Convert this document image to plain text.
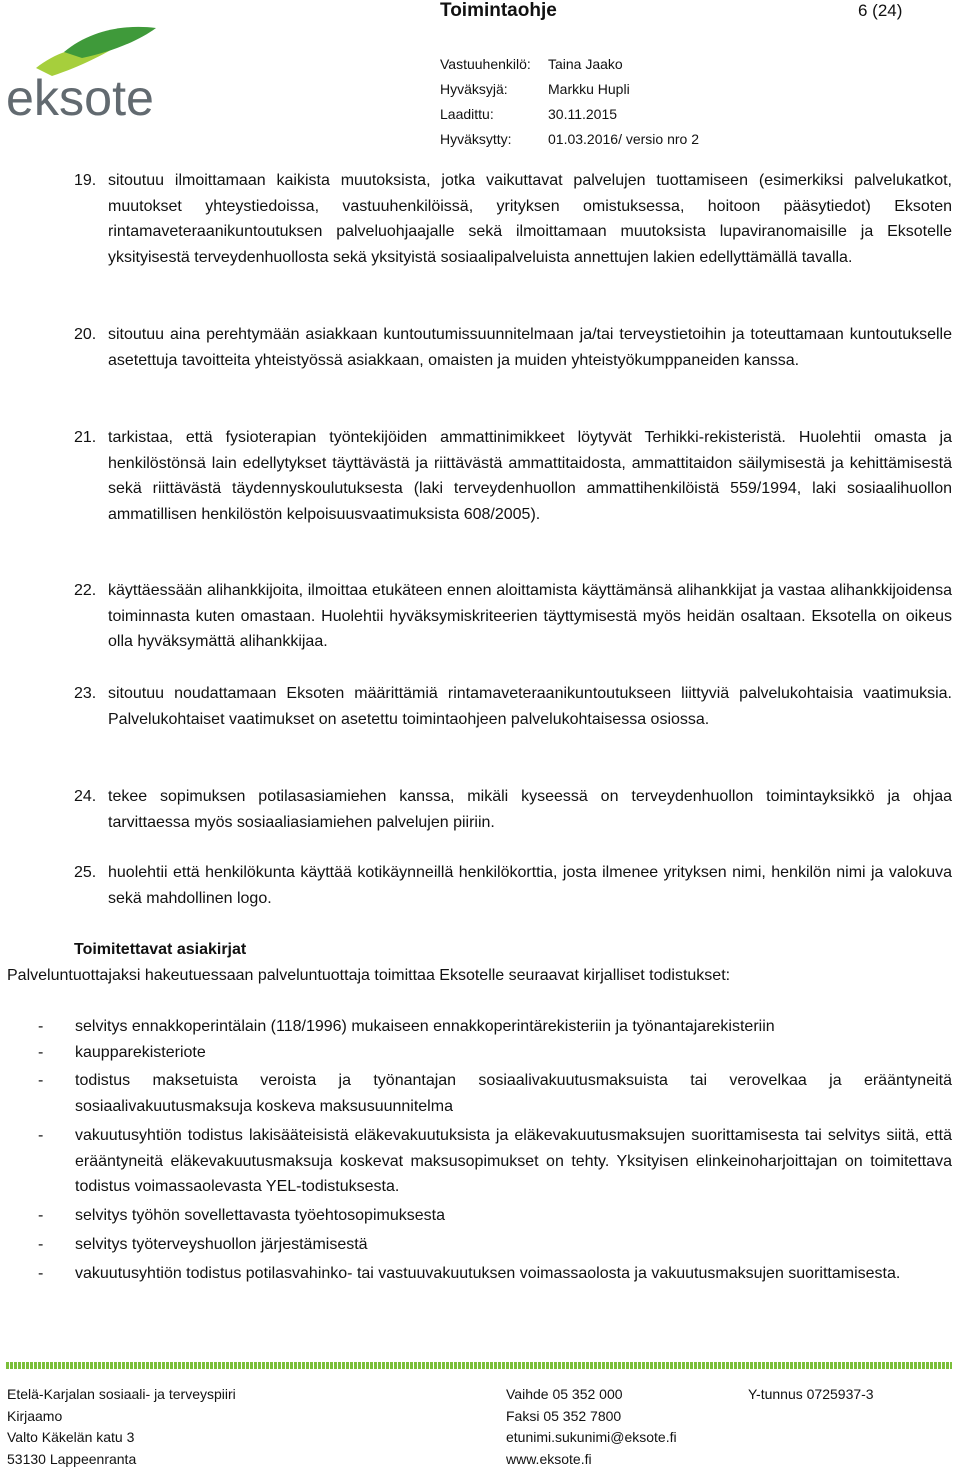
Toimintaohje	6 (24)
eksote
Vastuuhenkilö: Taina Jaako
Hyväksyjä:	Markku Hupli
Laadittu:	30.11.2015
Hyväksytty:	01.03.2016/ versio nro 2
19. sitoutuu ilmoittamaan kaikista muutoksista, jotka vaikuttavat palvelujen tuottamiseen (esimerkiksi palvelukatkot, muutokset yhteystiedoissa, vastuuhenkilöissä, yrityksen omistuksessa, hoitoon pääsytiedot) Eksoten rintamaveteraanikuntoutuksen palveluohjaajalle sekä ilmoittamaan muutoksista lupaviranomaisille ja Eksotelle yksityisestä terveydenhuollosta sekä yksityistä sosiaalipalveluista annettujen lakien edellyttämällä tavalla.
20. sitoutuu aina perehtymään asiakkaan kuntoutumissuunnitelmaan ja/tai terveystietoihin ja toteuttamaan kuntoutukselle asetettuja tavoitteita yhteistyössä asiakkaan, omaisten ja muiden yhteistyökumppaneiden kanssa.
21. tarkistaa, että fysioterapian työntekijöiden ammattinimikkeet löytyvät Terhikki-rekisteristä. Huolehtii omasta ja henkilöstönsä lain edellytykset täyttävästä ja riittävästä ammattitaidosta, ammattitaidon säilymisestä ja kehittämisestä sekä riittävästä täydennyskoulutuksesta (laki terveydenhuollon ammattihenkilöistä 559/1994, laki sosiaalihuollon ammatillisen henkilöstön kelpoisuusvaatimuksista 608/2005).
22. käyttäessään alihankkijoita, ilmoittaa etukäteen ennen aloittamista käyttämänsä alihankkijat ja vastaa alihankkijoidensa toiminnasta kuten omastaan. Huolehtii hyväksymiskriteerien täyttymisestä myös heidän osaltaan. Eksotella on oikeus olla hyväksymättä alihankkijaa.
23. sitoutuu noudattamaan Eksoten määrittämiä rintamaveteraanikuntoutukseen liittyviä palvelukohtaisia vaatimuksia. Palvelukohtaiset vaatimukset on asetettu toimintaohjeen palvelukohtaisessa osiossa.
24. tekee sopimuksen potilasasiamiehen kanssa, mikäli kyseessä on terveydenhuollon toimintayksikkö ja ohjaa tarvittaessa myös sosiaaliasiamiehen palvelujen piiriin.
25. huolehtii että henkilökunta käyttää kotikäynneillä henkilökorttia, josta ilmenee yrityksen nimi, henkilön nimi ja valokuva sekä mahdollinen logo.
Toimitettavat asiakirjat
Palveluntuottajaksi hakeutuessaan palveluntuottaja toimittaa Eksotelle seuraavat kirjalliset todistukset:
- selvitys ennakkoperintälain (118/1996) mukaiseen ennakkoperintärekisteriin ja työnantajarekisteriin
- kaupparekisteriote
- todistus maksetuista veroista ja työnantajan sosiaalivakuutusmaksuista tai verovelkaa ja erääntyneitä sosiaalivakuutusmaksuja koskeva maksusuunnitelma
- vakuutusyhtiön todistus lakisääteisistä eläkevakuutuksista ja eläkevakuutusmaksujen suorittamisesta tai selvitys siitä, että erääntyneitä eläkevakuutusmaksuja koskevat maksusopimukset on tehty. Yksityisen elinkeinoharjoittajan on toimitettava todistus voimassaolevasta YEL-todistuksesta.
- selvitys työhön sovellettavasta työehtosopimuksesta
- selvitys työterveyshuollon järjestämisestä
- vakuutusyhtiön todistus potilasvahinko- tai vastuuvakuutuksen voimassaolosta ja vakuutusmaksujen suorittamisesta.
Etelä-Karjalan sosiaali- ja terveyspiiri
Kirjaamo
Valto Käkelän katu 3
53130 Lappeenranta
Vaihde 05 352 000
Faksi 05 352 7800
etunimi.sukunimi@eksote.fi
www.eksote.fi
Y-tunnus 0725937-3
